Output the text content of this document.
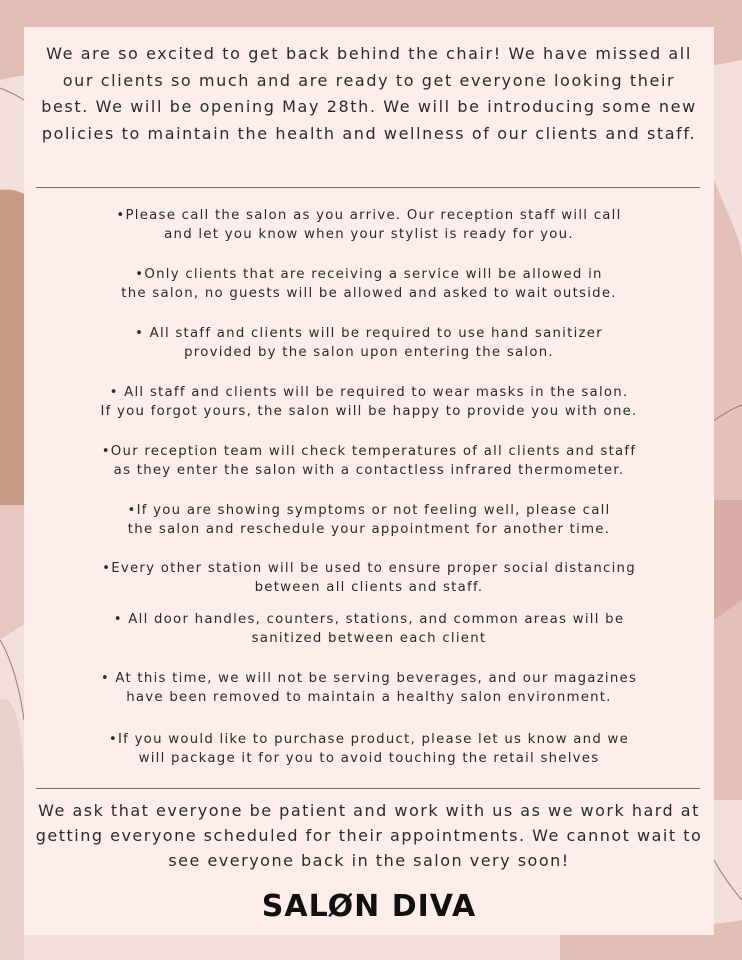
We are so excited to get back behind the chair! We have missed all our clients so much and are ready to get everyone looking their best. We will be opening May 28th. We will be introducing some new policies to maintain the health and wellness of our clients and staff.

•Please call the salon as you arrive. Our reception staff will call
and let you know when your stylist is ready for you.
•Only clients that are receiving a service will be allowed in
the salon, no guests will be allowed and asked to wait outside.
• All staff and clients will be required to use hand sanitizer
provided by the salon upon entering the salon.
• All staff and clients will be required to wear masks in the salon.
If you forgot yours, the salon will be happy to provide you with one.
•Our reception team will check temperatures of all clients and staff
as they enter the salon with a contactless infrared thermometer.
•If you are showing symptoms or not feeling well, please call
the salon and reschedule your appointment for another time.
•Every other station will be used to ensure proper social distancing
between all clients and staff.
• All door handles, counters, stations, and common areas will be
sanitized between each client
• At this time, we will not be serving beverages, and our magazines
have been removed to maintain a healthy salon environment.
•If you would like to purchase product, please let us know and we
will package it for you to avoid touching the retail shelves

We ask that everyone be patient and work with us as we work hard at getting everyone scheduled for their appointments. We cannot wait to see everyone back in the salon very soon!

SALØN DIVA
